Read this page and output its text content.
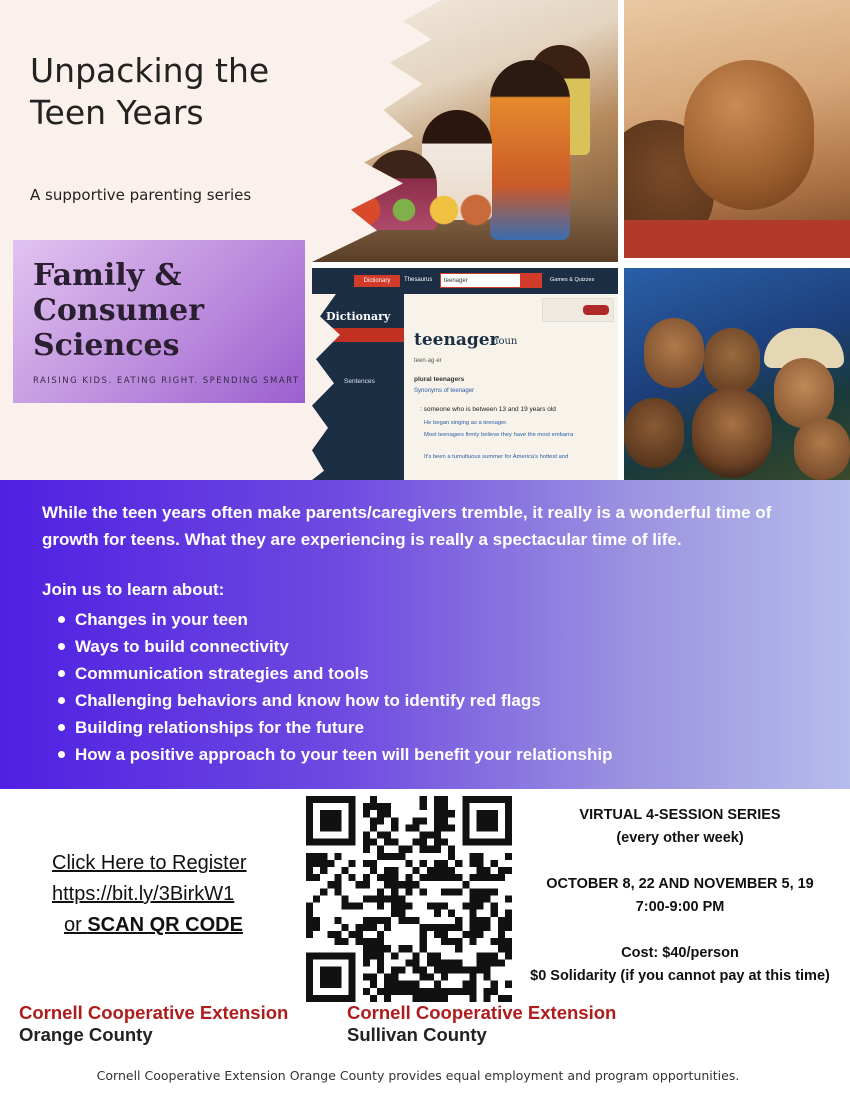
Unpacking the
Teen Years
A supportive parenting series
Family &
Consumer
Sciences
RAISING KIDS. EATING RIGHT. SPENDING SMART
Dictionary	Thesaurus	teenager	Games & Quizzes
Dictionary
Sentences
teenager
noun
teen·ag·er
plural teenagers
Synonyms of teenager
: someone who is between 13 and 19 years old
He began singing as a teenager.
Most teenagers firmly believe they have the most embarra
It's been a tumultuous summer for America's hottest and
While the teen years often make parents/caregivers tremble, it really is a wonderful time of growth for teens. What they are experiencing is really a spectacular time of life.
Join us to learn about:
Changes in your teen
Ways to build connectivity
Communication strategies and tools
Challenging behaviors and know how to identify red flags
Building relationships for the future
How a positive approach to your teen will benefit your relationship
Click Here to Register
https://bit.ly/3BirkW1
or SCAN QR CODE
VIRTUAL 4-SESSION SERIES
(every other week)
OCTOBER 8, 22 AND NOVEMBER 5, 19
7:00-9:00 PM
Cost: $40/person
$0 Solidarity (if you cannot pay at this time)
Cornell Cooperative Extension
Orange County
Cornell Cooperative Extension
Sullivan County
Cornell Cooperative Extension Orange County provides equal employment and program opportunities.
